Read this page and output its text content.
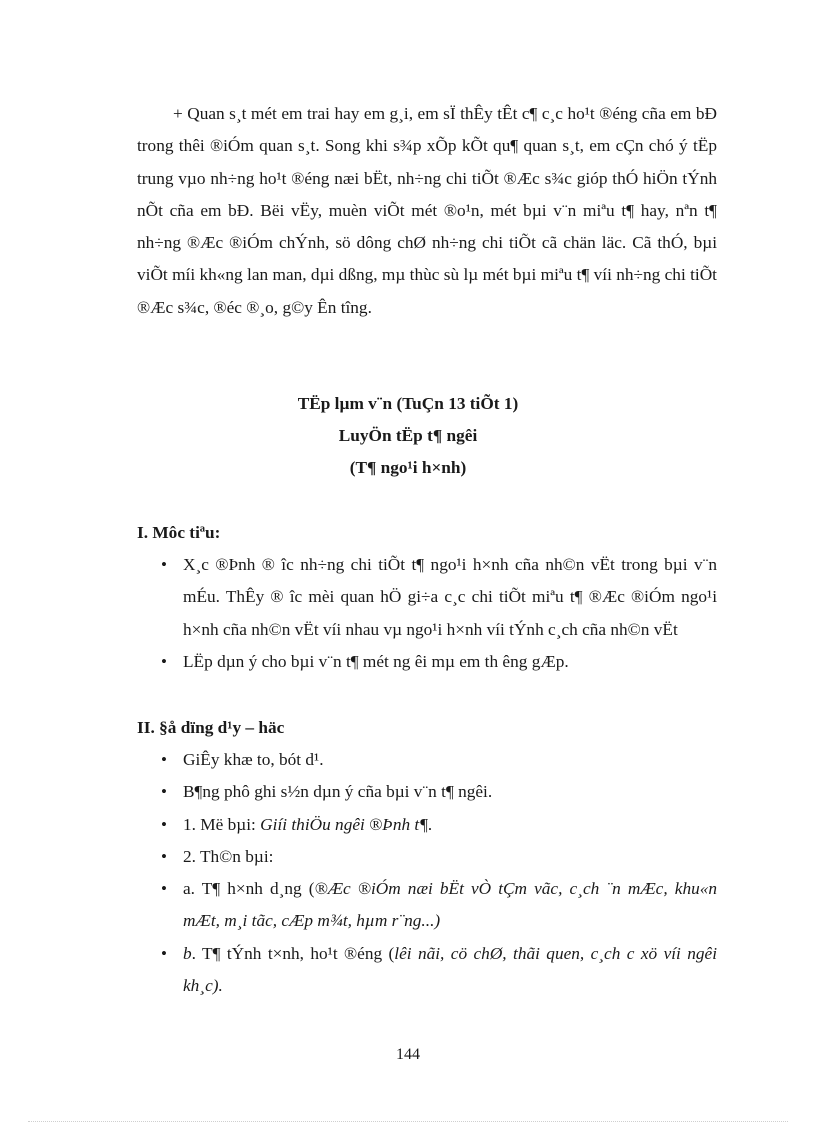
+ Quan s¸t mét em trai hay em g¸i, em sÏ thÊy tÊt c¶ c¸c ho¹t ®éng cña em bÐ trong thêi ®iÓm quan s¸t. Song khi s¾p xÕp kÕt qu¶ quan s¸t, em cÇn chó ý tËp trung vµo nh÷ng ho¹t ®éng næi bËt, nh÷ng chi tiÕt ®Æc s¾c gióp thÓ hiÖn tÝnh nÕt cña em bÐ. Bëi vËy, muèn viÕt mét ®o¹n, mét bµi v¨n miªu t¶ hay, nªn t¶ nh÷ng ®Æc ®iÓm chÝnh, sö dông chØ nh÷ng chi tiÕt cã chän läc. Cã thÓ, bµi viÕt míi kh«ng lan man, dµi dßng, mµ thùc sù lµ mét bµi miªu t¶ víi nh÷ng chi tiÕt ®Æc s¾c, ®éc ®¸o, g©y Ên tîng.
TËp lµm v¨n (TuÇn 13 tiÕt 1)
LuyÖn tËp t¶ ngêi
(T¶ ngo¹i h×nh)
I. Môc tiªu:
• X¸c ®Þnh ® îc nh÷ng chi tiÕt t¶ ngo¹i h×nh cña nh©n vËt trong bµi v¨n mÉu. ThÊy ® îc mèi quan hÖ gi÷a c¸c chi tiÕt miªu t¶ ®Æc ®iÓm ngo¹i h×nh cña nh©n vËt víi nhau vµ ngo¹i h×nh víi tÝnh c¸ch cña nh©n vËt
• LËp dµn ý cho bµi v¨n t¶ mét ng êi mµ em th êng gÆp.
II. §å dïng d¹y – häc
• GiÊy khæ to, bót d¹.
• B¶ng phô ghi s½n dµn ý cña bµi v¨n t¶ ngêi.
• 1. Më bµi: Giíi thiÖu ngêi ®Þnh t¶.
• 2. Th©n bµi:
• a. T¶ h×nh d¸ng (®Æc ®iÓm næi bËt vÒ tÇm vãc, c¸ch ¨n mÆc, khu«n mÆt, m¸i tãc, cÆp m¾t, hµm r¨ng...)
• b. T¶ tÝnh t×nh, ho¹t ®éng (lêi nãi, cö chØ, thãi quen, c¸ch c xö víi ngêi kh¸c).
144
